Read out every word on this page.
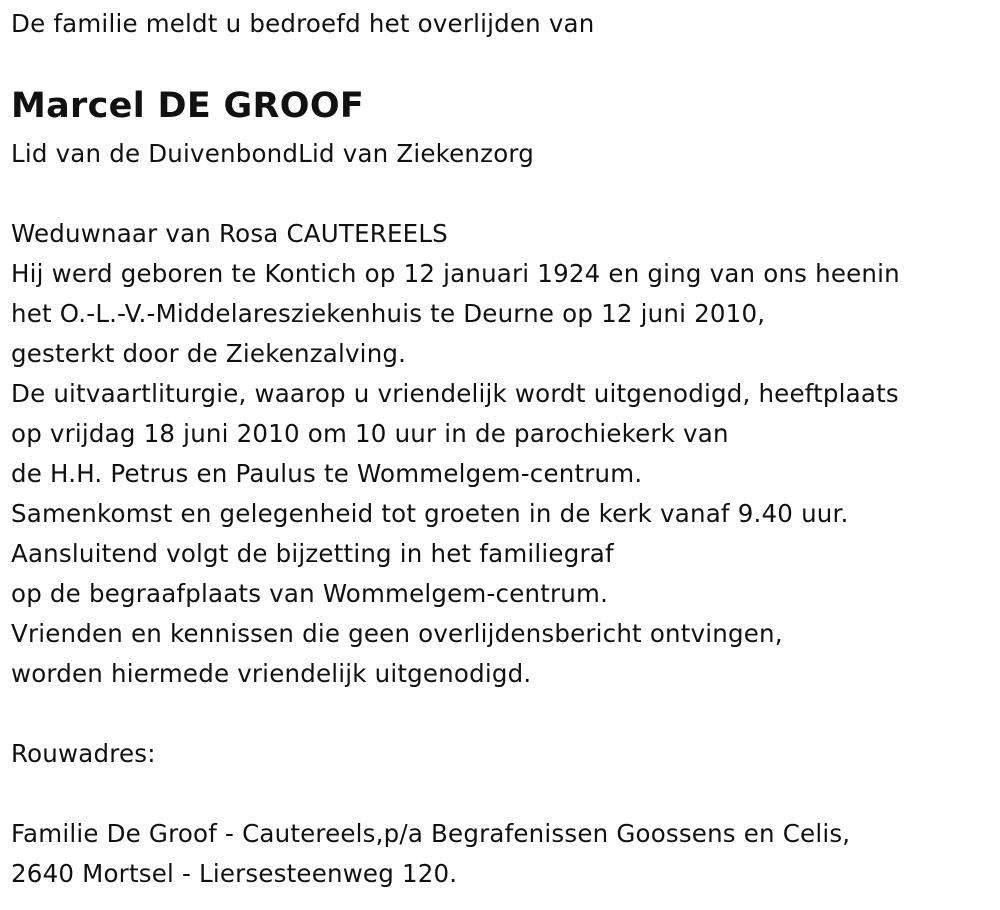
De familie meldt u bedroefd het overlijden van
Marcel DE GROOF
Lid van de DuivenbondLid van Ziekenzorg
Weduwnaar van Rosa CAUTEREELS
Hij werd geboren te Kontich op 12 januari 1924 en ging van ons heenin
het O.-L.-V.-Middelaresziekenhuis te Deurne op 12 juni 2010,
gesterkt door de Ziekenzalving.
De uitvaartliturgie, waarop u vriendelijk wordt uitgenodigd, heeftplaats
op vrijdag 18 juni 2010 om 10 uur in de parochiekerk van
de H.H. Petrus en Paulus te Wommelgem-centrum.
Samenkomst en gelegenheid tot groeten in de kerk vanaf 9.40 uur.
Aansluitend volgt de bijzetting in het familiegraf
op de begraafplaats van Wommelgem-centrum.
Vrienden en kennissen die geen overlijdensbericht ontvingen,
worden hiermede vriendelijk uitgenodigd.
Rouwadres:
Familie De Groof - Cautereels,p/a Begrafenissen Goossens en Celis,
2640 Mortsel - Liersesteenweg 120.
